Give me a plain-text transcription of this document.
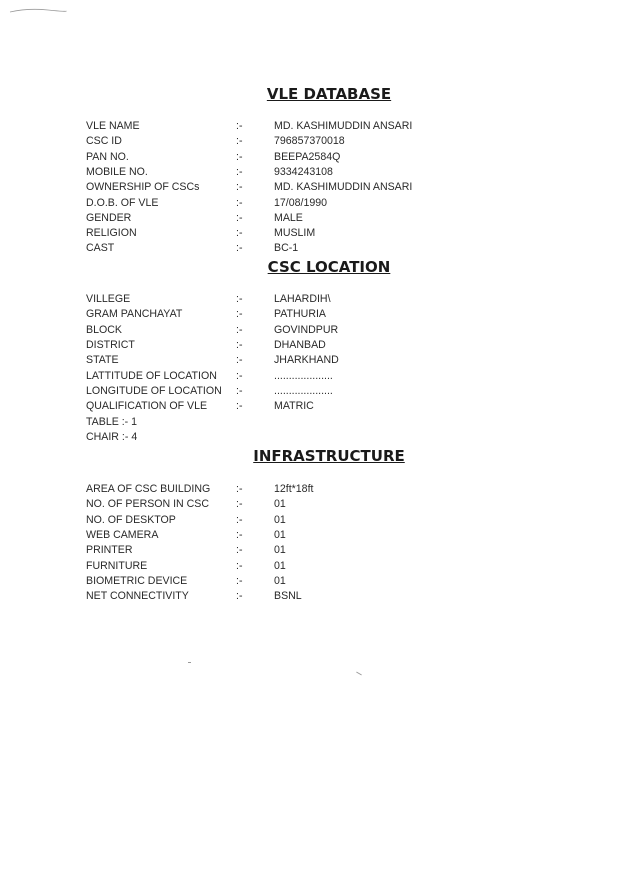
VLE DATABASE
VLE NAME	:-	MD. KASHIMUDDIN ANSARI
CSC ID	:-	796857370018
PAN NO.	:-	BEEPA2584Q
MOBILE NO.	:-	9334243108
OWNERSHIP OF CSCs	:-	MD. KASHIMUDDIN ANSARI
D.O.B. OF VLE	:-	17/08/1990
GENDER	:-	MALE
RELIGION	:-	MUSLIM
CAST	:-	BC-1
CSC LOCATION
VILLEGE	:-	LAHARDIH\
GRAM PANCHAYAT	:-	PATHURIA
BLOCK	:-	GOVINDPUR
DISTRICT	:-	DHANBAD
STATE	:-	JHARKHAND
LATTITUDE OF LOCATION :-	....................
LONGITUDE OF LOCATION :-	....................
QUALIFICATION OF VLE	:-	MATRIC
TABLE :- 1
CHAIR :- 4
INFRASTRUCTURE
AREA OF CSC BUILDING :-	12ft*18ft
NO. OF PERSON IN CSC	:-	01
NO. OF DESKTOP	:-	01
WEB CAMERA	:-	01
PRINTER	:-	01
FURNITURE	:-	01
BIOMETRIC DEVICE	:-	01
NET CONNECTIVITY	:-	BSNL
